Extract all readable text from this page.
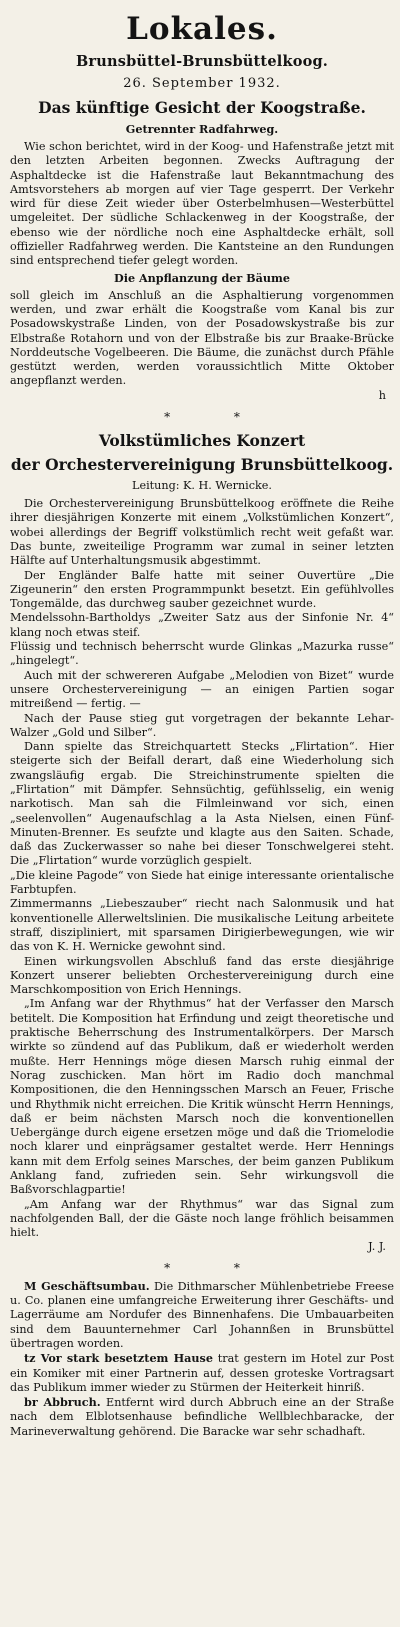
Lokales.
Brunsbüttel-Brunsbüttelkoog.
26. September 1932.
Das künftige Gesicht der Koogstraße.
Getrennter Radfahrweg.

Wie schon berichtet, wird in der Koog- und Hafenstraße jetzt mit den letzten Arbeiten begonnen. Zwecks Auftragung der Asphaltdecke ist die Hafenstraße laut Bekanntmachung des Amtsvorstehers ab morgen auf vier Tage gesperrt. Der Verkehr wird für diese Zeit wieder über Osterbelmhusen—Westerbüttel umgeleitet. Der südliche Schlackenweg in der Koogstraße, der ebenso wie der nördliche noch eine Asphaltdecke erhält, soll offizieller Radfahrweg werden. Die Kantsteine an den Rundungen sind entsprechend tiefer gelegt worden.

Die Anpflanzung der Bäume

soll gleich im Anschluß an die Asphaltierung vorgenommen werden, und zwar erhält die Koogstraße vom Kanal bis zur Posadowskystraße Linden, von der Posadowskystraße bis zur Elbstraße Rotahorn und von der Elbstraße bis zur Braake-Brücke Norddeutsche Vogelbeeren. Die Bäume, die zunächst durch Pfähle gestützt werden, werden voraussichtlich Mitte Oktober angepflanzt werden.

h
* *
Volkstümliches Konzert
der Orchestervereinigung Brunsbüttelkoog.
Leitung: K. H. Wernicke.

Die Orchestervereinigung Brunsbüttelkoog eröffnete die Reihe ihrer diesjährigen Konzerte mit einem „Volkstümlichen Konzert“, wobei allerdings der Begriff volkstümlich recht weit gefaßt war. Das bunte, zweiteilige Programm war zumal in seiner letzten Hälfte auf Unterhaltungsmusik abgestimmt.

Der Engländer Balfe hatte mit seiner Ouvertüre „Die Zigeunerin“ den ersten Programmpunkt besetzt. Ein gefühlvolles Tongemälde, das durchweg sauber gezeichnet wurde.

Mendelssohn-Bartholdys „Zweiter Satz aus der Sinfonie Nr. 4“ klang noch etwas steif.

Flüssig und technisch beherrscht wurde Glinkas „Mazurka russe“ „hingelegt“.

Auch mit der schwereren Aufgabe „Melodien von Bizet“ wurde unsere Orchestervereinigung — an einigen Partien sogar mitreißend — fertig. —

Nach der Pause stieg gut vorgetragen der bekannte Lehar-Walzer „Gold und Silber“.

Dann spielte das Streichquartett Stecks „Flirtation“. Hier steigerte sich der Beifall derart, daß eine Wiederholung sich zwangsläufig ergab. Die Streichinstrumente spielten die „Flirtation“ mit Dämpfer. Sehnsüchtig, gefühlsselig, ein wenig narkotisch. Man sah die Filmleinwand vor sich, einen „seelenvollen“ Augenaufschlag a la Asta Nielsen, einen Fünf-Minuten-Brenner. Es seufzte und klagte aus den Saiten. Schade, daß das Zuckerwasser so nahe bei dieser Tonschwelgerei steht. Die „Flirtation“ wurde vorzüglich gespielt.

„Die kleine Pagode“ von Siede hat einige interessante orientalische Farbtupfen.

Zimmermanns „Liebeszauber“ riecht nach Salonmusik und hat konventionelle Allerweltslinien. Die musikalische Leitung arbeitete straff, diszipliniert, mit sparsamen Dirigierbewegungen, wie wir das von K. H. Wernicke gewohnt sind.

Einen wirkungsvollen Abschluß fand das erste diesjährige Konzert unserer beliebten Orchestervereinigung durch eine Marschkomposition von Erich Hennings.

„Im Anfang war der Rhythmus“ hat der Verfasser den Marsch betitelt. Die Komposition hat Erfindung und zeigt theoretische und praktische Beherrschung des Instrumentalkörpers. Der Marsch wirkte so zündend auf das Publikum, daß er wiederholt werden mußte. Herr Hennings möge diesen Marsch ruhig einmal der Norag zuschicken. Man hört im Radio doch manchmal Kompositionen, die den Henningsschen Marsch an Feuer, Frische und Rhythmik nicht erreichen. Die Kritik wünscht Herrn Hennings, daß er beim nächsten Marsch noch die konventionellen Uebergänge durch eigene ersetzen möge und daß die Triomelodie noch klarer und einprägsamer gestaltet werde. Herr Hennings kann mit dem Erfolg seines Marsches, der beim ganzen Publikum Anklang fand, zufrieden sein. Sehr wirkungsvoll die Baßvorschlagpartie!

„Am Anfang war der Rhythmus“ war das Signal zum nachfolgenden Ball, der die Gäste noch lange fröhlich beisammen hielt.

J. J.
* *

M Geschäftsumbau. Die Dithmarscher Mühlenbetriebe Freese u. Co. planen eine umfangreiche Erweiterung ihrer Geschäfts- und Lagerräume am Nordufer des Binnenhafens. Die Umbauarbeiten sind dem Bauunternehmer Carl Johannßen in Brunsbüttel übertragen worden.

tz Vor stark besetztem Hause trat gestern im Hotel zur Post ein Komiker mit einer Partnerin auf, dessen groteske Vortragsart das Publikum immer wieder zu Stürmen der Heiterkeit hinriß.

br Abbruch. Entfernt wird durch Abbruch eine an der Straße nach dem Elblotsenhause befindliche Wellblechbaracke, der Marineverwaltung gehörend. Die Baracke war sehr schadhaft.
